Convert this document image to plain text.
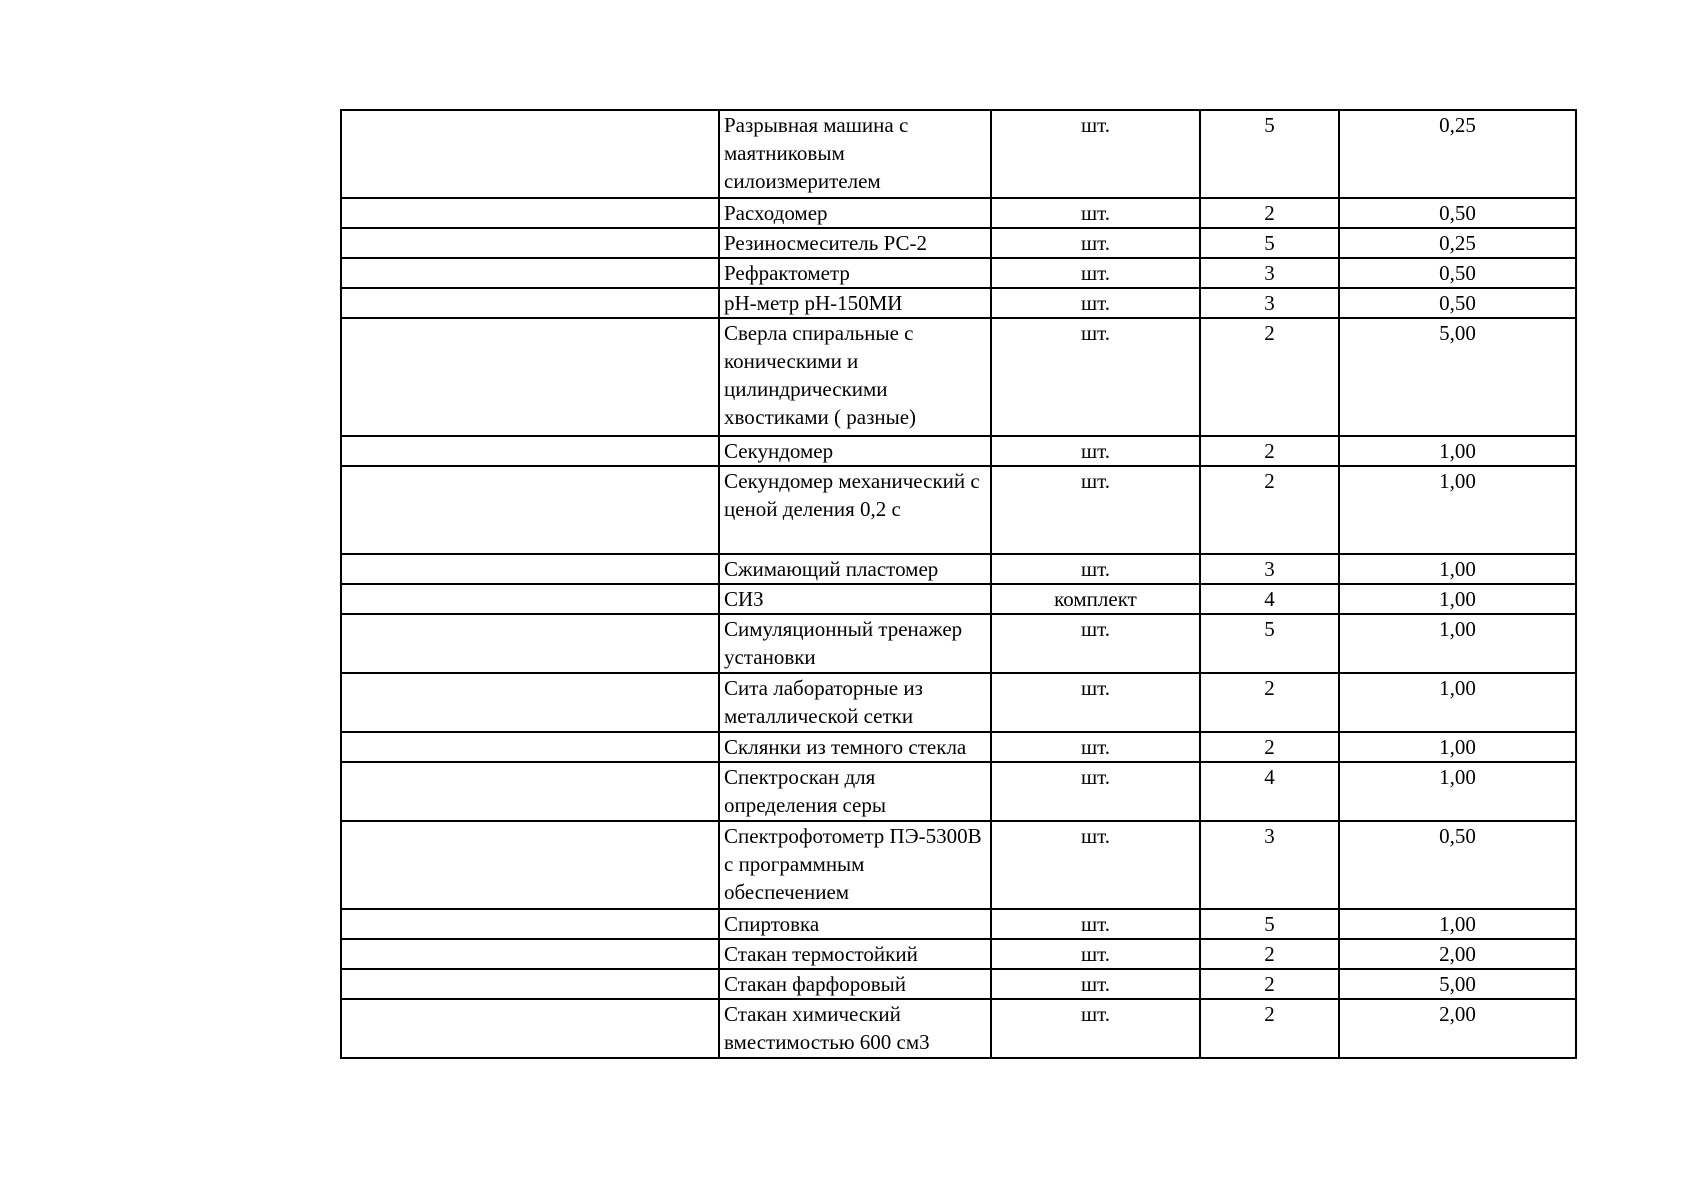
	Разрывная машина с маятниковым силоизмерителем	шт.	5	0,25
	Расходомер	шт.	2	0,50
	Резиносмеситель РС-2	шт.	5	0,25
	Рефрактометр	шт.	3	0,50
	рН-метр рН-150МИ	шт.	3	0,50
	Сверла спиральные с коническими и цилиндрическими хвостиками ( разные)	шт.	2	5,00
	Секундомер	шт.	2	1,00
	Секундомер механический с ценой деления 0,2 с	шт.	2	1,00
	Сжимающий пластомер	шт.	3	1,00
	СИЗ	комплект	4	1,00
	Симуляционный тренажер установки	шт.	5	1,00
	Сита лабораторные из металлической сетки	шт.	2	1,00
	Склянки из темного стекла	шт.	2	1,00
	Спектроскан для определения серы	шт.	4	1,00
	Спектрофотометр ПЭ-5300В с программным обеспечением	шт.	3	0,50
	Спиртовка	шт.	5	1,00
	Стакан термостойкий	шт.	2	2,00
	Стакан фарфоровый	шт.	2	5,00
	Стакан химический вместимостью 600 см3	шт.	2	2,00
